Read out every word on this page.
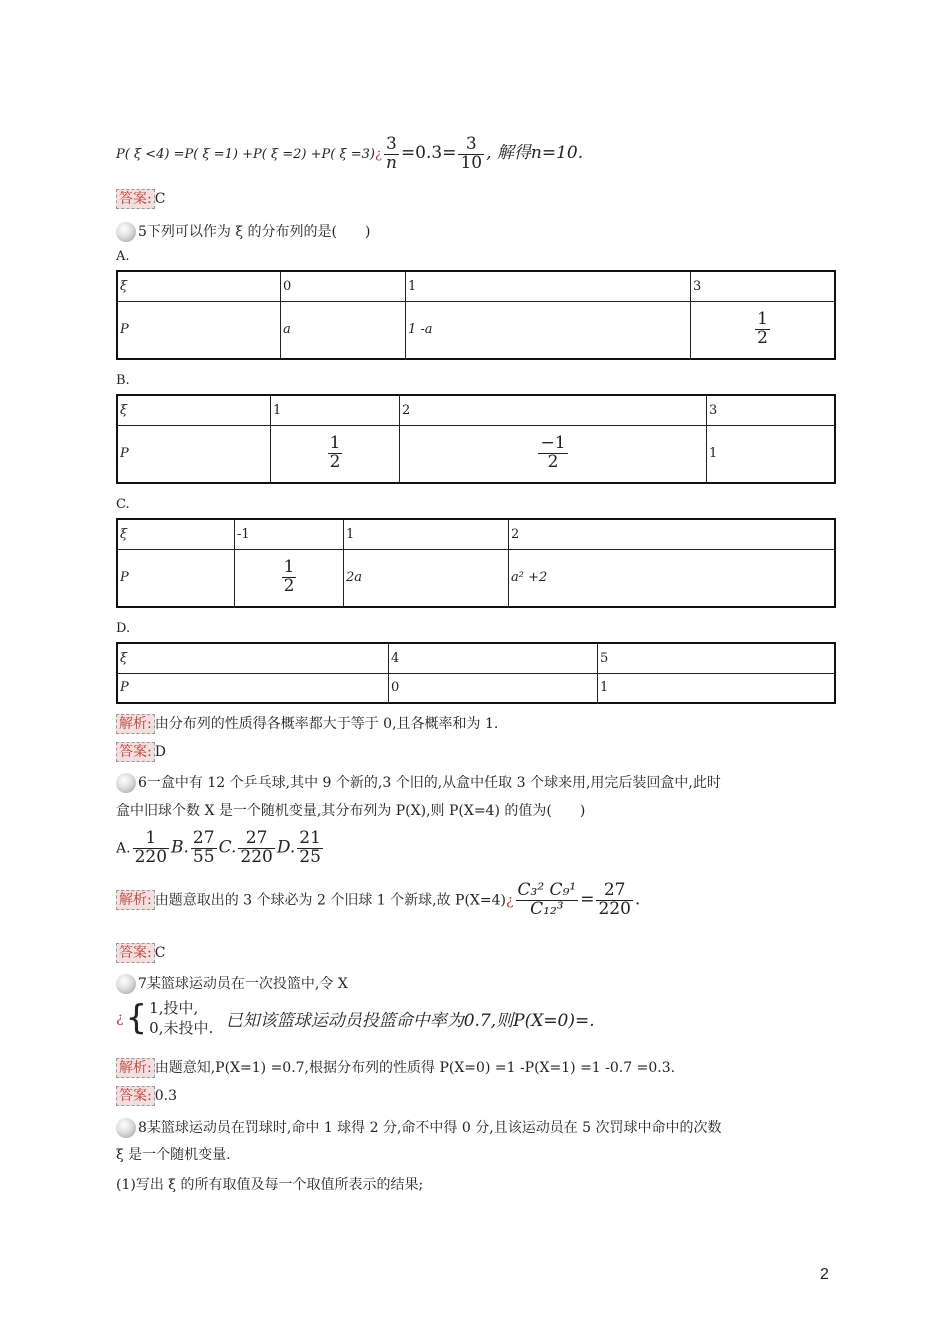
P( ξ <4) =P( ξ =1) +P( ξ =2) +P( ξ =3)¿ $\frac{3}{n} =0.3= \frac{3}{10}$ , 解得n=10.
答案: C
5下列可以作为 ξ 的分布列的是(　　)
A.
ξ	0	1	3
P	a	1 -a	$\frac{1}{2}$
B.
ξ	1	2	3
P	$\frac{1}{2}$	$\frac{-1}{2}$	1
C.
ξ	-1	1	2
P	$\frac{1}{2}$	2a	a² +2
D.
ξ	4	5
P	0	1
解析: 由分布列的性质得各概率都大于等于 0,且各概率和为 1.
答案: D
6一盒中有 12 个乒乓球,其中 9 个新的,3 个旧的,从盒中任取 3 个球来用,用完后装回盒中,此时
盒中旧球个数 X 是一个随机变量,其分布列为 P(X),则 P(X=4) 的值为(　　)
A. $\frac{1}{220} B$. $\frac{27}{55} C$. $\frac{27}{220} D$. $\frac{21}{25}$
解析: 由题意取出的 3 个球必为 2 个旧球 1 个新球,故 P(X=4)¿ $\frac{\text{C₃² C₉¹}}{\text{C₁₂³}} = \frac{27}{220}$ .
答案: C
7某篮球运动员在一次投篮中,令 X
¿{ 1,投中,
0,未投中. 已知该篮球运动员投篮命中率为0.7,则P(X=0)=.
解析: 由题意知,P(X=1) =0.7,根据分布列的性质得 P(X=0) =1 -P(X=1) =1 -0.7 =0.3.
答案: 0.3
8某篮球运动员在罚球时,命中 1 球得 2 分,命不中得 0 分,且该运动员在 5 次罚球中命中的次数
ξ 是一个随机变量.
(1)写出 ξ 的所有取值及每一个取值所表示的结果;
2
